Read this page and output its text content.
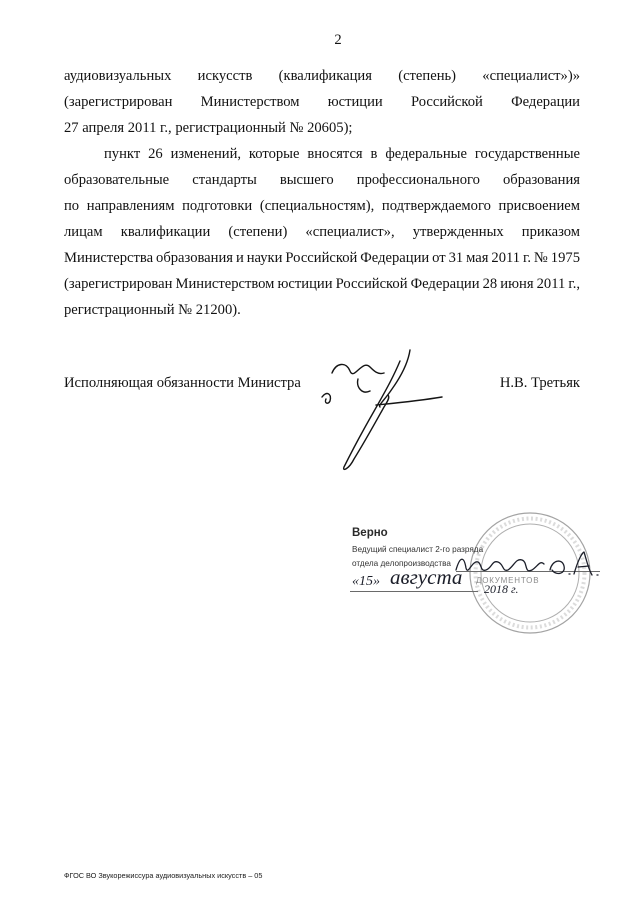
2
аудиовизуальных искусств (квалификация (степень) «специалист»)»
(зарегистрирован Министерством юстиции Российской Федерации
27 апреля 2011 г., регистрационный № 20605);
пункт 26 изменений, которые вносятся в федеральные государственные
образовательные стандарты высшего профессионального образования
по направлениям подготовки (специальностям), подтверждаемого присвоением
лицам квалификации (степени) «специалист», утвержденных приказом
Министерства образования и науки Российской Федерации от 31 мая 2011 г. № 1975
(зарегистрирован Министерством юстиции Российской Федерации 28 июня 2011 г.,
регистрационный № 21200).
Исполняющая обязанности Министра	Н.В. Третьяк
ДОКУМЕНТОВ
Верно
Ведущий специалист 2-го разряда
отдела делопроизводства
«15» августа 2018 г.
ФГОС ВО Звукорежиссура аудиовизуальных искусств – 05
